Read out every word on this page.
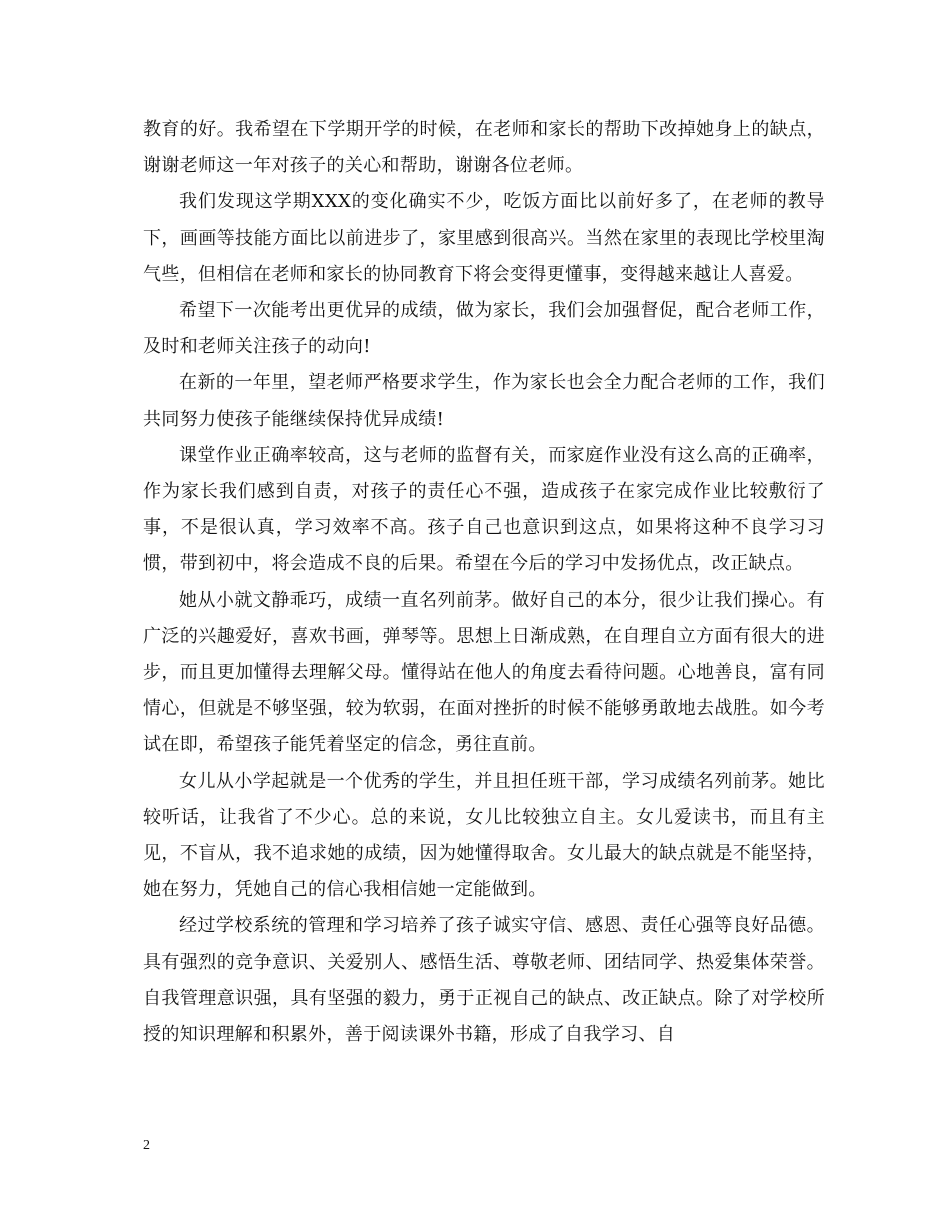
教育的好。我希望在下学期开学的时候，在老师和家长的帮助下改掉她身上的缺点，谢谢老师这一年对孩子的关心和帮助，谢谢各位老师。

我们发现这学期XXX的变化确实不少，吃饭方面比以前好多了，在老师的教导下，画画等技能方面比以前进步了，家里感到很高兴。当然在家里的表现比学校里淘气些，但相信在老师和家长的协同教育下将会变得更懂事，变得越来越让人喜爱。

希望下一次能考出更优异的成绩，做为家长，我们会加强督促，配合老师工作，及时和老师关注孩子的动向!

在新的一年里，望老师严格要求学生，作为家长也会全力配合老师的工作，我们共同努力使孩子能继续保持优异成绩!

课堂作业正确率较高，这与老师的监督有关，而家庭作业没有这么高的正确率，作为家长我们感到自责，对孩子的责任心不强，造成孩子在家完成作业比较敷衍了事，不是很认真，学习效率不高。孩子自己也意识到这点，如果将这种不良学习习惯，带到初中，将会造成不良的后果。希望在今后的学习中发扬优点，改正缺点。

她从小就文静乖巧，成绩一直名列前茅。做好自己的本分，很少让我们操心。有广泛的兴趣爱好，喜欢书画，弹琴等。思想上日渐成熟，在自理自立方面有很大的进步，而且更加懂得去理解父母。懂得站在他人的角度去看待问题。心地善良，富有同情心，但就是不够坚强，较为软弱，在面对挫折的时候不能够勇敢地去战胜。如今考试在即，希望孩子能凭着坚定的信念，勇往直前。

女儿从小学起就是一个优秀的学生，并且担任班干部，学习成绩名列前茅。她比较听话，让我省了不少心。总的来说，女儿比较独立自主。女儿爱读书，而且有主见，不盲从，我不追求她的成绩，因为她懂得取舍。女儿最大的缺点就是不能坚持，她在努力，凭她自己的信心我相信她一定能做到。

经过学校系统的管理和学习培养了孩子诚实守信、感恩、责任心强等良好品德。具有强烈的竞争意识、关爱别人、感悟生活、尊敬老师、团结同学、热爱集体荣誉。自我管理意识强，具有坚强的毅力，勇于正视自己的缺点、改正缺点。除了对学校所授的知识理解和积累外，善于阅读课外书籍，形成了自我学习、自

2
